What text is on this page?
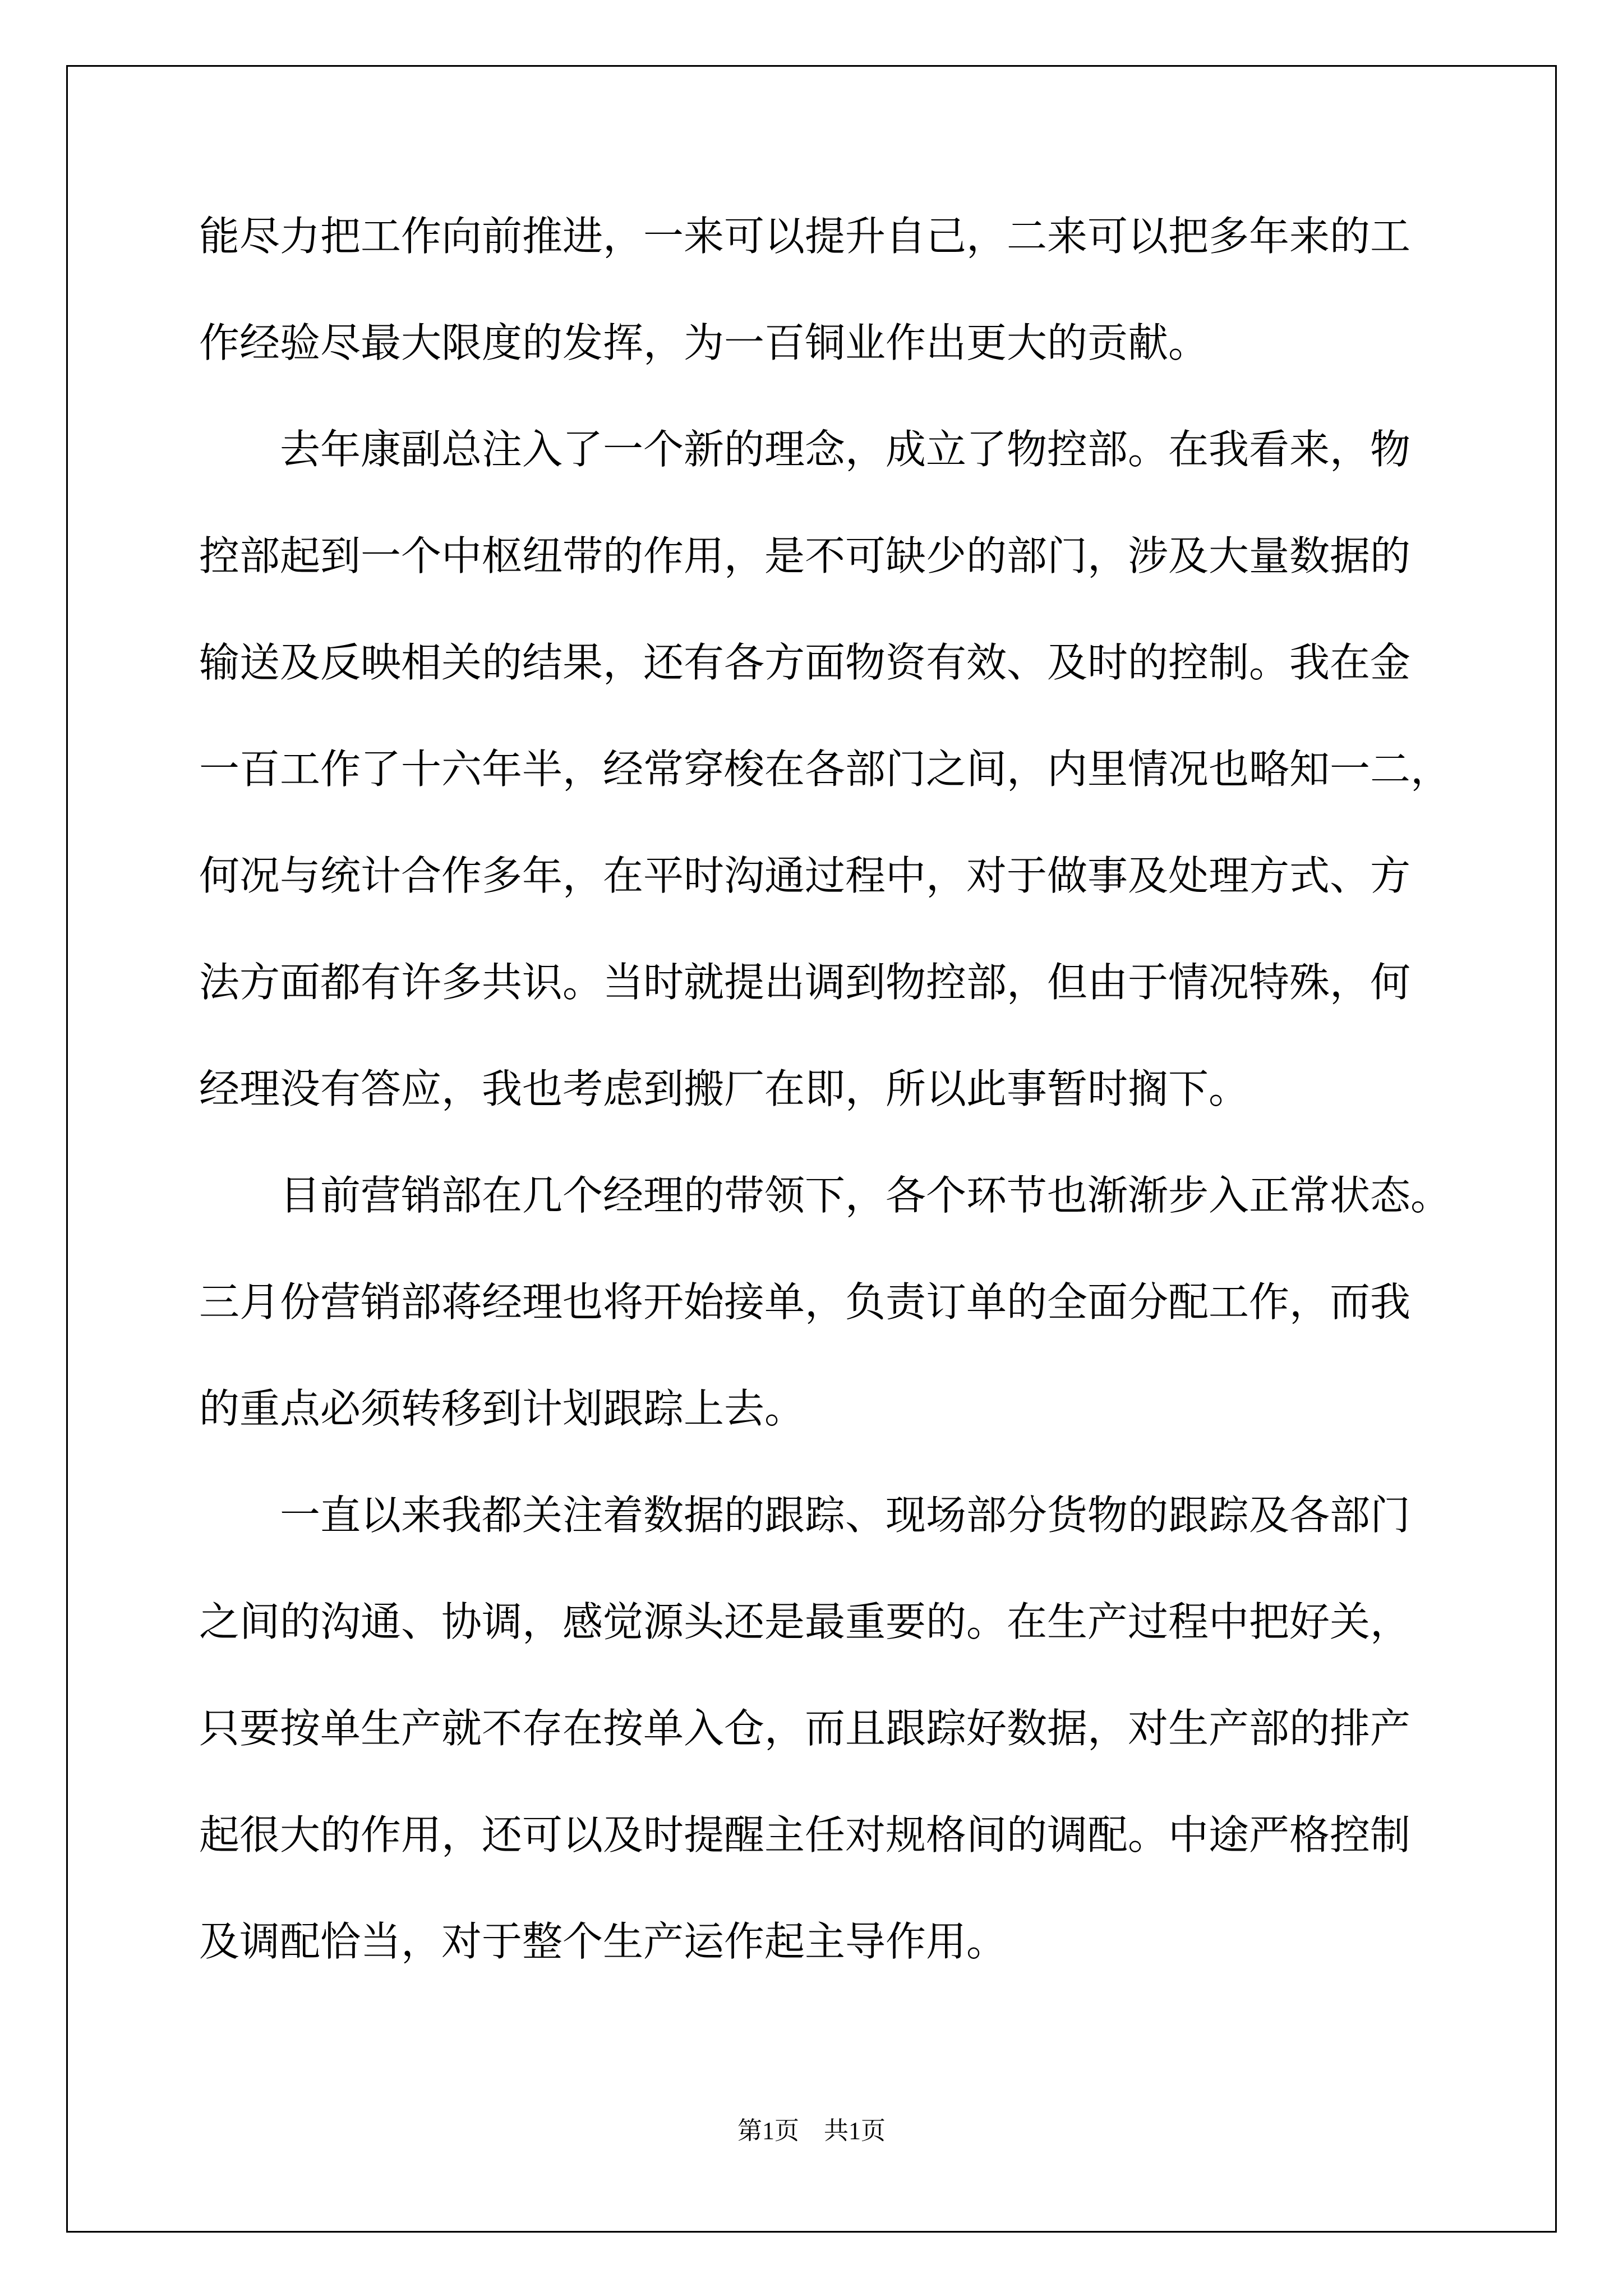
能尽力把工作向前推进，一来可以提升自己，二来可以把多年来的工
作经验尽最大限度的发挥，为一百铜业作出更大的贡献。
去年康副总注入了一个新的理念，成立了物控部。在我看来，物
控部起到一个中枢纽带的作用，是不可缺少的部门，涉及大量数据的
输送及反映相关的结果，还有各方面物资有效、及时的控制。我在金
一百工作了十六年半，经常穿梭在各部门之间，内里情况也略知一二，
何况与统计合作多年，在平时沟通过程中，对于做事及处理方式、方
法方面都有许多共识。当时就提出调到物控部，但由于情况特殊，何
经理没有答应，我也考虑到搬厂在即，所以此事暂时搁下。
目前营销部在几个经理的带领下，各个环节也渐渐步入正常状态。
三月份营销部蒋经理也将开始接单，负责订单的全面分配工作，而我
的重点必须转移到计划跟踪上去。
一直以来我都关注着数据的跟踪、现场部分货物的跟踪及各部门
之间的沟通、协调，感觉源头还是最重要的。在生产过程中把好关，
只要按单生产就不存在按单入仓，而且跟踪好数据，对生产部的排产
起很大的作用，还可以及时提醒主任对规格间的调配。中途严格控制
及调配恰当，对于整个生产运作起主导作用。
第1页 共1页
